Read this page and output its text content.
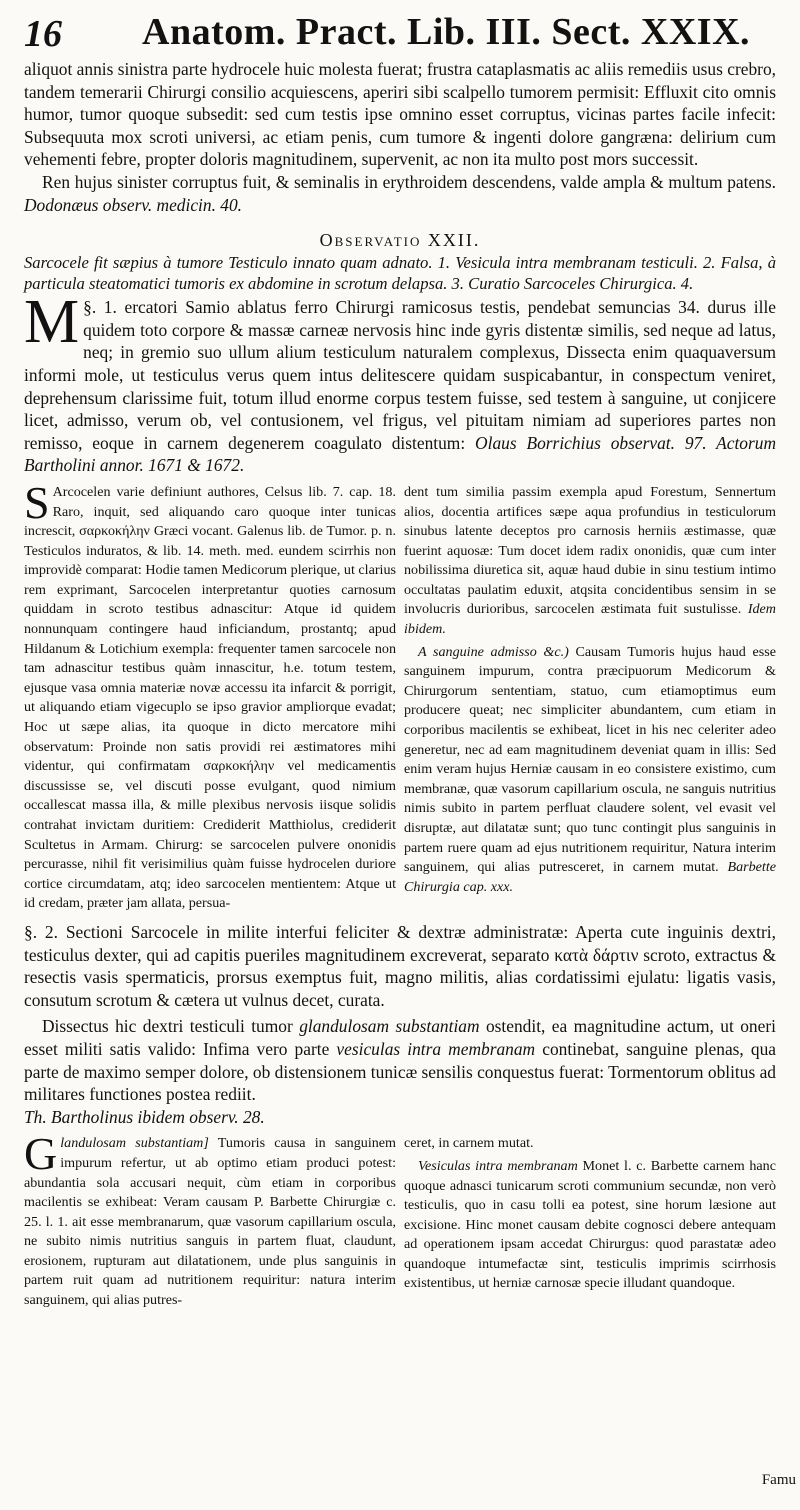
16 Anatom. Pract. Lib. III. Sect. XXIX.

aliquot annis sinistra parte hydrocele huic molesta fuerat; frustra cataplasmatis ac aliis remediis usus crebro, tandem temerarii Chirurgi consilio acquiescens, aperiri sibi scalpello tumorem permisit: Effluxit cito omnis humor, tumor quoque subsedit: sed cum testis ipse omnino esset corruptus, vicinas partes facile infecit: Subsequuta mox scroti universi, ac etiam penis, cum tumore & ingenti dolore gangræna: delirium cum vehementi febre, propter doloris magnitudinem, supervenit, ac non ita multo post mors successit.

Ren hujus sinister corruptus fuit, & seminalis in erythroidem descendens, valde ampla & multum patens. Dodonæus observ. medicin. 40.

Observatio XXII.

Sarcocele fit sæpius à tumore Testiculo innato quam adnato. 1. Vesicula intra membranam testiculi. 2. Falsa, à particula steatomatici tumoris ex abdomine in scrotum delapsa. 3. Curatio Sarcoceles Chirurgica. 4.

§. 1.
M	ercatori Samio ablatus ferro Chirurgi ramicosus testis, pendebat semuncias 34. durus ille quidem toto corpore & massæ carneæ nervosis hinc inde gyris distentæ similis, sed neque ad latus, neq; in gremio suo ullum alium testiculum naturalem complexus, Dissecta enim quaquaversum informi mole, ut testiculus verus quem intus delitescere quidam suspicabantur, in conspectum veniret, deprehensum clarissime fuit, totum illud enorme corpus testem fuisse, sed testem à sanguine, ut conjicere licet, admisso, verum ob, vel contusionem, vel frigus, vel pituitam nimiam ad superiores partes non remisso, eoque in carnem degenerem coagulato distentum: Olaus Borrichius observat. 97. Actorum Bartholini annor. 1671 & 1672.

S Arcocelen varie definiunt authores, Celsus lib. 7. cap. 18. Raro, inquit, sed aliquando caro quoque inter tunicas increscit, σαρκοκήλην Græci vocant. Galenus lib. de Tumor. p. n. Testiculos induratos, & lib. 14. meth. med. eundem scirrhis non improvidè comparat: Hodie tamen Medicorum plerique, ut clarius rem exprimant, Sarcocelen interpretantur quoties carnosum quiddam in scroto testibus adnascitur: Atque id quidem nonnunquam contingere haud inficiandum, prostantq; apud Hildanum & Lotichium exempla: frequenter tamen sarcocele non tam adnascitur testibus quàm innascitur, h.e. totum testem, ejusque vasa omnia materiæ novæ accessu ita infarcit & porrigit, ut aliquando etiam vigecuplo se ipso gravior ampliorque evadat; Hoc ut sæpe alias, ita quoque in dicto mercatore mihi observatum: Proinde non satis providi rei æstimatores mihi videntur, qui confirmatam σαρκοκήλην vel medicamentis discussisse se, vel discuti posse evulgant, quod nimium occallescat massa illa, & mille plexibus nervosis iisque solidis contrahat invictam duritiem: Crediderit Matthiolus, crediderit Scultetus in Armam. Chirurg: se sarcocelen pulvere ononidis percurasse, nihil fit verisimilius quàm fuisse hydrocelen duriore cortice circumdatam, atq; ideo sarcocelen mentientem: Atque ut id credam, præter jam allata, persua-

dent tum similia passim exempla apud Forestum, Sennertum alios, docentia artifices sæpe aqua profundius in testiculorum sinubus latente deceptos pro carnosis herniis æstimasse, quæ fuerint aquosæ: Tum docet idem radix ononidis, quæ cum inter nobilissima diuretica sit, aquæ haud dubie in sinu testium intimo occultatas paulatim eduxit, atqsita concidentibus sensim in se involucris durioribus, sarcocelen æstimata fuit sustulisse. Idem ibidem.

A sanguine admisso &c.) Causam Tumoris hujus haud esse sanguinem impurum, contra præcipuorum Medicorum & Chirurgorum sententiam, statuo, cum etiamoptimus eum producere queat; nec simpliciter abundantem, cum etiam in corporibus macilentis se exhibeat, licet in his nec celeriter adeo generetur, nec ad eam magnitudinem deveniat quam in illis: Sed enim veram hujus Herniæ causam in eo consistere existimo, cum membranæ, quæ vasorum capillarium oscula, ne sanguis nutritius nimis subito in partem perfluat claudere solent, vel evasit vel disruptæ, aut dilatatæ sunt; quo tunc contingit plus sanguinis in partem ruere quam ad ejus nutritionem requiritur, Natura interim sanguinem, qui alias putresceret, in carnem mutat. Barbette Chirurgia cap. xxx.

§. 2. Sectioni Sarcocele in milite interfui feliciter & dextræ administratæ: Aperta cute inguinis dextri, testiculus dexter, qui ad capitis pueriles magnitudinem excreverat, separato κατὰ δάρτιν scroto, extractus & resectis vasis spermaticis, prorsus exemptus fuit, magno militis, alias cordatissimi ejulatu: ligatis vasis, consutum scrotum & cætera ut vulnus decet, curata.

Dissectus hic dextri testiculi tumor glandulosam substantiam ostendit, ea magnitudine actum, ut oneri esset militi satis valido: Infima vero parte vesiculas intra membranam continebat, sanguine plenas, qua parte de maximo semper dolore, ob distensionem tunicæ sensilis conquestus fuerat: Tormentorum oblitus ad militares functiones postea rediit.

Th. Bartholinus ibidem observ. 28.

G landulosam substantiam] Tumoris causa in sanguinem impurum refertur, ut ab optimo etiam produci potest: abundantia sola accusari nequit, cùm etiam in corporibus macilentis se exhibeat: Veram causam P. Barbette Chirurgiæ c. 25. l. 1. ait esse membranarum, quæ vasorum capillarium oscula, ne subito nimis nutritius sanguis in partem fluat, claudunt, erosionem, rupturam aut dilatationem, unde plus sanguinis in partem ruit quam ad nutritionem requiritur: natura interim sanguinem, qui alias putres-

ceret, in carnem mutat.

Vesiculas intra membranam Monet l. c. Barbette carnem hanc quoque adnasci tunicarum scroti communium secundæ, non verò testiculis, quo in casu tolli ea potest, sine horum læsione aut excisione. Hinc monet causam debite cognosci debere antequam ad operationem ipsam accedat Chirurgus: quod parastatæ adeo quandoque intumefactæ sint, testiculis imprimis scirrhosis existentibus, ut herniæ carnosæ specie illudant quandoque.

Famu
